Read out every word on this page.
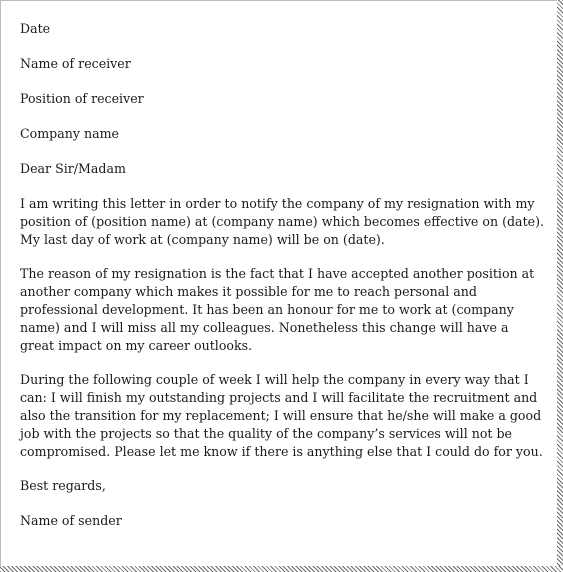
Date
Name of receiver
Position of receiver
Company name
Dear Sir/Madam
I am writing this letter in order to notify the company of my resignation with my position of (position name) at (company name) which becomes effective on (date). My last day of work at (company name) will be on (date).
The reason of my resignation is the fact that I have accepted another position at another company which makes it possible for me to reach personal and professional development. It has been an honour for me to work at (company name) and I will miss all my colleagues. Nonetheless this change will have a great impact on my career outlooks.
During the following couple of week I will help the company in every way that I can: I will finish my outstanding projects and I will facilitate the recruitment and also the transition for my replacement; I will ensure that he/she will make a good job with the projects so that the quality of the company’s services will not be compromised. Please let me know if there is anything else that I could do for you.
Best regards,
Name of sender
